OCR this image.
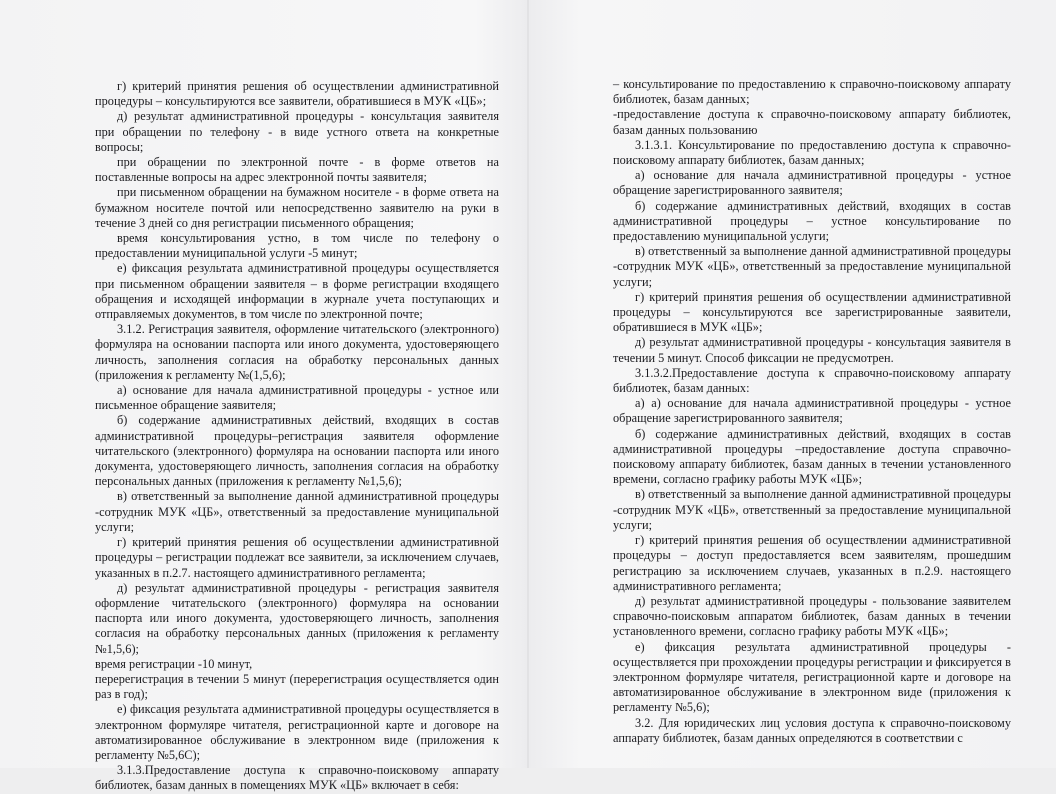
г) критерий принятия решения об осуществлении административной процедуры – консультируются все заявители, обратившиеся в МУК «ЦБ»;

д) результат административной процедуры - консультация заявителя при обращении по телефону - в виде устного ответа на конкретные вопросы;

при обращении по электронной почте - в форме ответов на поставленные вопросы на адрес электронной почты заявителя;

при письменном обращении на бумажном носителе - в форме ответа на бумажном носителе почтой или непосредственно заявителю на руки в течение 3 дней со дня регистрации письменного обращения;

время консультирования устно, в том числе по телефону о предоставлении муниципальной услуги -5 минут;

е) фиксация результата административной процедуры осуществляется при письменном обращении заявителя – в форме регистрации входящего обращения и исходящей информации в журнале учета поступающих и отправляемых документов, в том числе по электронной почте;

3.1.2. Регистрация заявителя, оформление читательского (электронного) формуляра на основании паспорта или иного документа, удостоверяющего личность, заполнения согласия на обработку персональных данных (приложения к регламенту №(1,5,6);

а) основание для начала административной процедуры - устное или письменное обращение заявителя;

б) содержание административных действий, входящих в состав административной процедуры–регистрация заявителя оформление читательского (электронного) формуляра на основании паспорта или иного документа, удостоверяющего личность, заполнения согласия на обработку персональных данных (приложения к регламенту №1,5,6);

в) ответственный за выполнение данной административной процедуры -сотрудник МУК «ЦБ», ответственный за предоставление муниципальной услуги;

г) критерий принятия решения об осуществлении административной процедуры – регистрации подлежат все заявители, за исключением случаев, указанных в п.2.7. настоящего административного регламента;

д) результат административной процедуры - регистрация заявителя оформление читательского (электронного) формуляра на основании паспорта или иного документа, удостоверяющего личность, заполнения согласия на обработку персональных данных (приложения к регламенту №1,5,6);

время регистрации -10 минут,

перерегистрация в течении 5 минут (перерегистрация осуществляется один раз в год);

е) фиксация результата административной процедуры осуществляется в электронном формуляре читателя, регистрационной карте и договоре на автоматизированное обслуживание в электронном виде (приложения к регламенту №5,6С);

3.1.3.Предоставление доступа к справочно-поисковому аппарату библиотек, базам данных в помещениях МУК «ЦБ» включает в себя:

– консультирование по предоставлению к справочно-поисковому аппарату библиотек, базам данных;

-предоставление доступа к справочно-поисковому аппарату библиотек, базам данных пользованию

3.1.3.1. Консультирование по предоставлению доступа к справочно-поисковому аппарату библиотек, базам данных;

а) основание для начала административной процедуры - устное обращение зарегистрированного заявителя;

б) содержание административных действий, входящих в состав административной процедуры – устное консультирование по предоставлению муниципальной услуги;

в) ответственный за выполнение данной административной процедуры -сотрудник МУК «ЦБ», ответственный за предоставление муниципальной услуги;

г) критерий принятия решения об осуществлении административной процедуры – консультируются все зарегистрированные заявители, обратившиеся в МУК «ЦБ»;

д) результат административной процедуры - консультация заявителя в течении 5 минут. Способ фиксации не предусмотрен.

3.1.3.2.Предоставление доступа к справочно-поисковому аппарату библиотек, базам данных:

а) а) основание для начала административной процедуры - устное обращение зарегистрированного заявителя;

б) содержание административных действий, входящих в состав административной процедуры –предоставление доступа справочно-поисковому аппарату библиотек, базам данных в течении установленного времени, согласно графику работы МУК «ЦБ»;

в) ответственный за выполнение данной административной процедуры -сотрудник МУК «ЦБ», ответственный за предоставление муниципальной услуги;

г) критерий принятия решения об осуществлении административной процедуры – доступ предоставляется всем заявителям, прошедшим регистрацию за исключением случаев, указанных в п.2.9. настоящего административного регламента;

д) результат административной процедуры - пользование заявителем справочно-поисковым аппаратом библиотек, базам данных в течении установленного времени, согласно графику работы МУК «ЦБ»;

е) фиксация результата административной процедуры - осуществляется при прохождении процедуры регистрации и фиксируется в электронном формуляре читателя, регистрационной карте и договоре на автоматизированное обслуживание в электронном виде (приложения к регламенту №5,6);

3.2. Для юридических лиц условия доступа к справочно-поисковому аппарату библиотек, базам данных определяются в соответствии с
